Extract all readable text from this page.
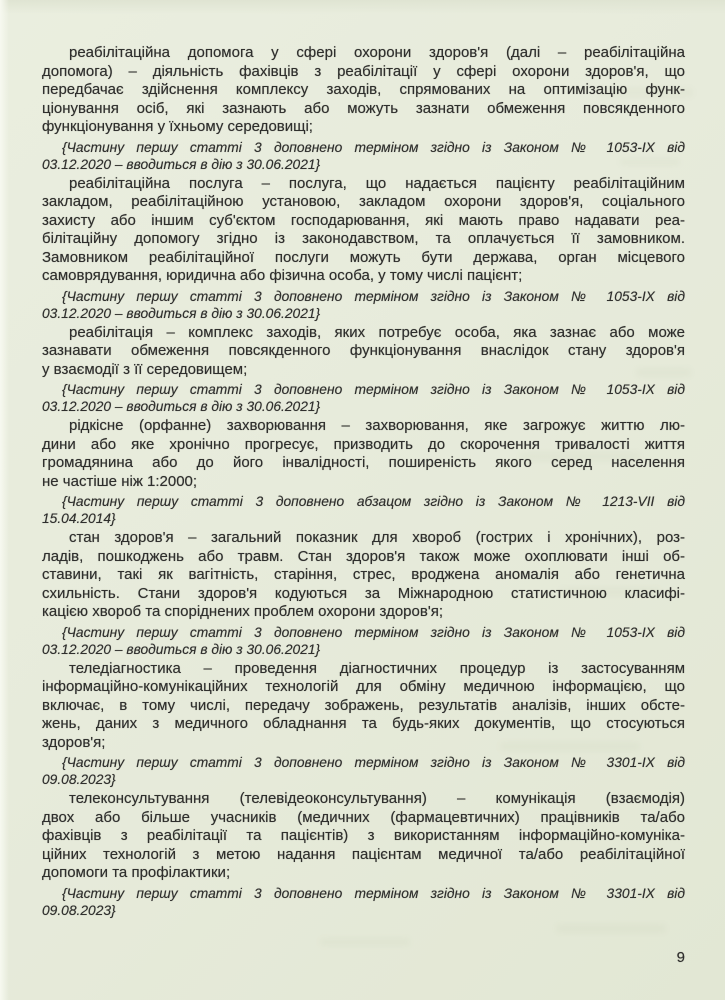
реабілітаційна допомога у сфері охорони здоров'я (далі – реабілітаційна
допомога) – діяльність фахівців з реабілітації у сфері охорони здоров'я, що
передбачає здійснення комплексу заходів, спрямованих на оптимізацію функ-
ціонування осіб, які зазнають або можуть зазнати обмеження повсякденного
функціонування у їхньому середовищі;
{Частину першу статті 3 доповнено терміном згідно із Законом № 1053-IX від
03.12.2020 – вводиться в дію з 30.06.2021}
реабілітаційна послуга – послуга, що надається пацієнту реабілітаційним
закладом, реабілітаційною установою, закладом охорони здоров'я, соціального
захисту або іншим суб'єктом господарювання, які мають право надавати реа-
білітаційну допомогу згідно із законодавством, та оплачується її замовником.
Замовником реабілітаційної послуги можуть бути держава, орган місцевого
самоврядування, юридична або фізична особа, у тому числі пацієнт;
{Частину першу статті 3 доповнено терміном згідно із Законом № 1053-IX від
03.12.2020 – вводиться в дію з 30.06.2021}
реабілітація – комплекс заходів, яких потребує особа, яка зазнає або може
зазнавати обмеження повсякденного функціонування внаслідок стану здоров'я
у взаємодії з її середовищем;
{Частину першу статті 3 доповнено терміном згідно із Законом № 1053-IX від
03.12.2020 – вводиться в дію з 30.06.2021}
рідкісне (орфанне) захворювання – захворювання, яке загрожує життю лю-
дини або яке хронічно прогресує, призводить до скорочення тривалості життя
громадянина або до його інвалідності, поширеність якого серед населення
не частіше ніж 1:2000;
{Частину першу статті 3 доповнено абзацом згідно із Законом № 1213-VII від
15.04.2014}
стан здоров'я – загальний показник для хвороб (гострих і хронічних), роз-
ладів, пошкоджень або травм. Стан здоров'я також може охоплювати інші об-
ставини, такі як вагітність, старіння, стрес, вроджена аномалія або генетична
схильність. Стани здоров'я кодуються за Міжнародною статистичною класифі-
кацією хвороб та споріднених проблем охорони здоров'я;
{Частину першу статті 3 доповнено терміном згідно із Законом № 1053-IX від
03.12.2020 – вводиться в дію з 30.06.2021}
теледіагностика – проведення діагностичних процедур із застосуванням
інформаційно-комунікаційних технологій для обміну медичною інформацією, що
включає, в тому числі, передачу зображень, результатів аналізів, інших обсте-
жень, даних з медичного обладнання та будь-яких документів, що стосуються
здоров'я;
{Частину першу статті 3 доповнено терміном згідно із Законом № 3301-IX від
09.08.2023}
телеконсультування (телевідеоконсультування) – комунікація (взаємодія)
двох або більше учасників (медичних (фармацевтичних) працівників та/або
фахівців з реабілітації та пацієнтів) з використанням інформаційно-комуніка-
ційних технологій з метою надання пацієнтам медичної та/або реабілітаційної
допомоги та профілактики;
{Частину першу статті 3 доповнено терміном згідно із Законом № 3301-IX від
09.08.2023}
9
